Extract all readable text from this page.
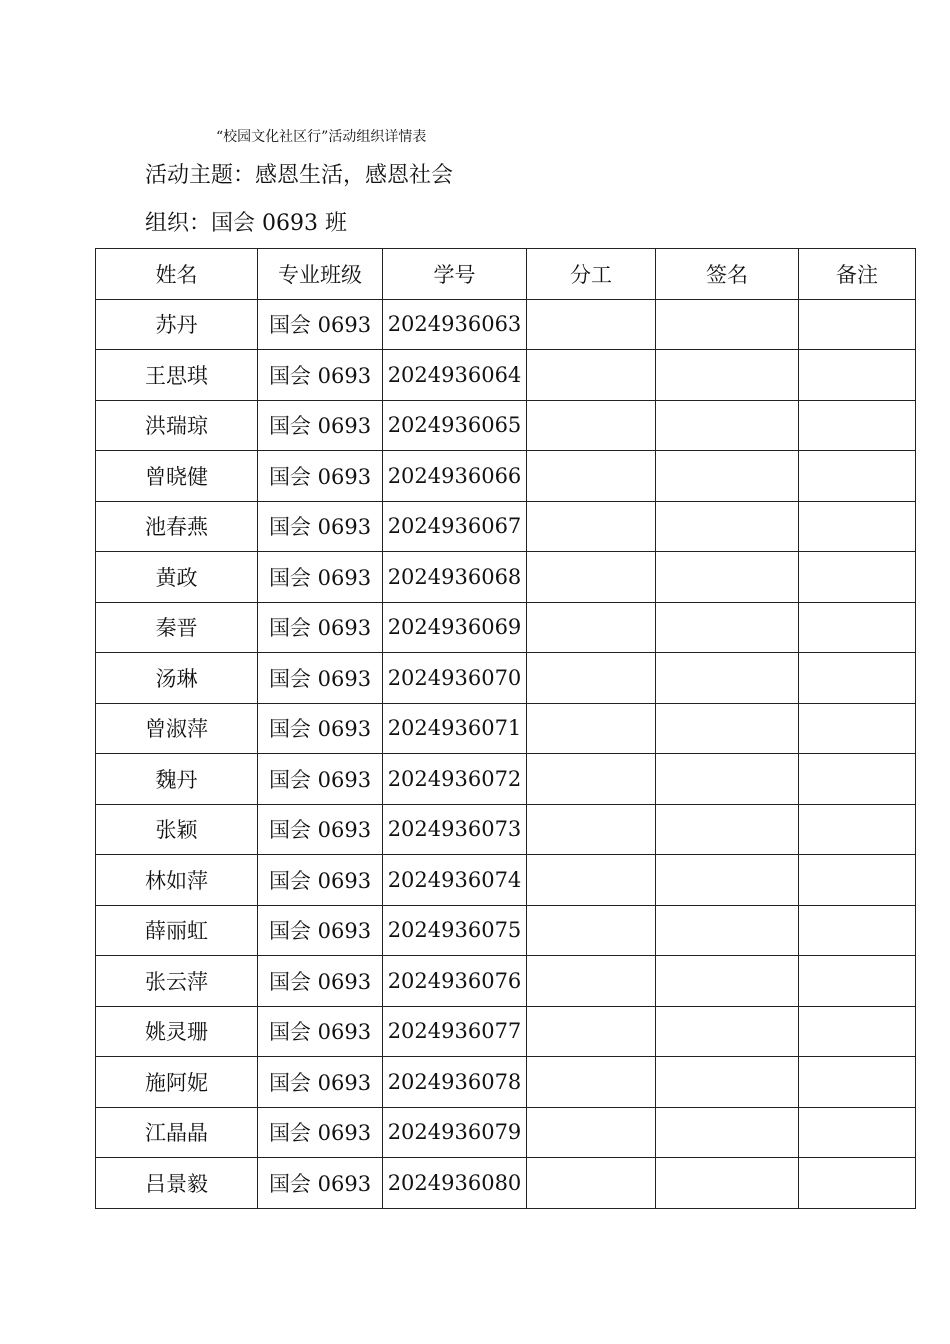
“校园文化社区行”活动组织详情表
活动主题：感恩生活，感恩社会
组织：国会 0693 班
姓名	专业班级	学号	分工	签名	备注
苏丹	国会 0693	2024936063			
王思琪	国会 0693	2024936064			
洪瑞琼	国会 0693	2024936065			
曾晓健	国会 0693	2024936066			
池春燕	国会 0693	2024936067			
黄政	国会 0693	2024936068			
秦晋	国会 0693	2024936069			
汤琳	国会 0693	2024936070			
曾淑萍	国会 0693	2024936071			
魏丹	国会 0693	2024936072			
张颖	国会 0693	2024936073			
林如萍	国会 0693	2024936074			
薛丽虹	国会 0693	2024936075			
张云萍	国会 0693	2024936076			
姚灵珊	国会 0693	2024936077			
施阿妮	国会 0693	2024936078			
江晶晶	国会 0693	2024936079			
吕景毅	国会 0693	2024936080			
